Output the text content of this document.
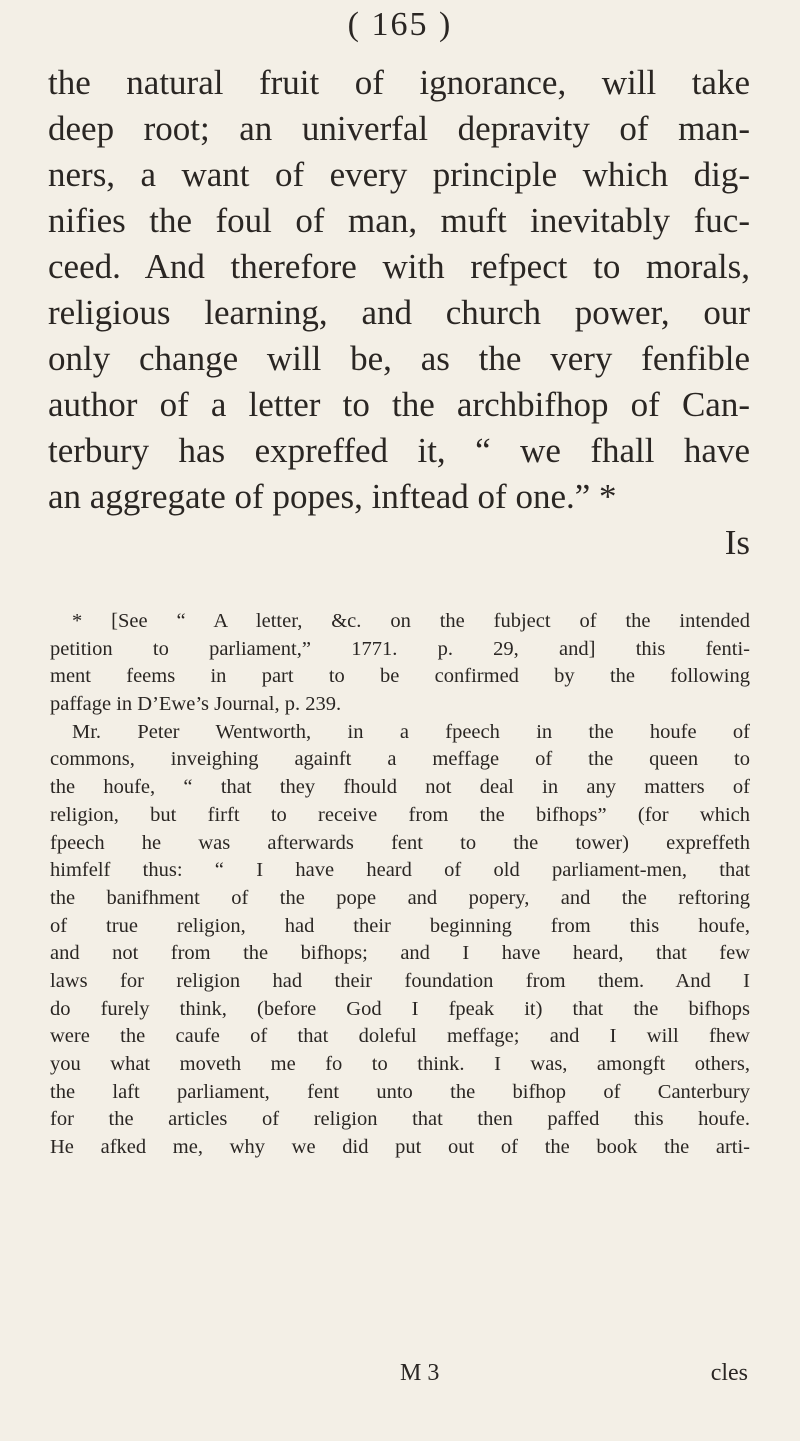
( 165 )
the natural fruit of ignorance, will take
deep root; an univerfal depravity of man-
ners, a want of every principle which dig-
nifies the foul of man, muft inevitably fuc-
ceed. And therefore with refpect to morals,
religious learning, and church power, our
only change will be, as the very fenfible
author of a letter to the archbifhop of Can-
terbury has expreffed it, “ we fhall have
an aggregate of popes, inftead of one.” *
Is
* [See “ A letter, &c. on the fubject of the intended
petition to parliament,” 1771. p. 29, and] this fenti-
ment feems in part to be confirmed by the following
paffage in D’Ewe’s Journal, p. 239.
Mr. Peter Wentworth, in a fpeech in the houfe of
commons, inveighing againft a meffage of the queen to
the houfe, “ that they fhould not deal in any matters of
religion, but firft to receive from the bifhops” (for which
fpeech he was afterwards fent to the tower) expreffeth
himfelf thus: “ I have heard of old parliament-men, that
the banifhment of the pope and popery, and the reftoring
of true religion, had their beginning from this houfe,
and not from the bifhops; and I have heard, that few
laws for religion had their foundation from them. And I
do furely think, (before God I fpeak it) that the bifhops
were the caufe of that doleful meffage; and I will fhew
you what moveth me fo to think. I was, amongft others,
the laft parliament, fent unto the bifhop of Canterbury
for the articles of religion that then paffed this houfe.
He afked me, why we did put out of the book the arti-
M 3	cles
